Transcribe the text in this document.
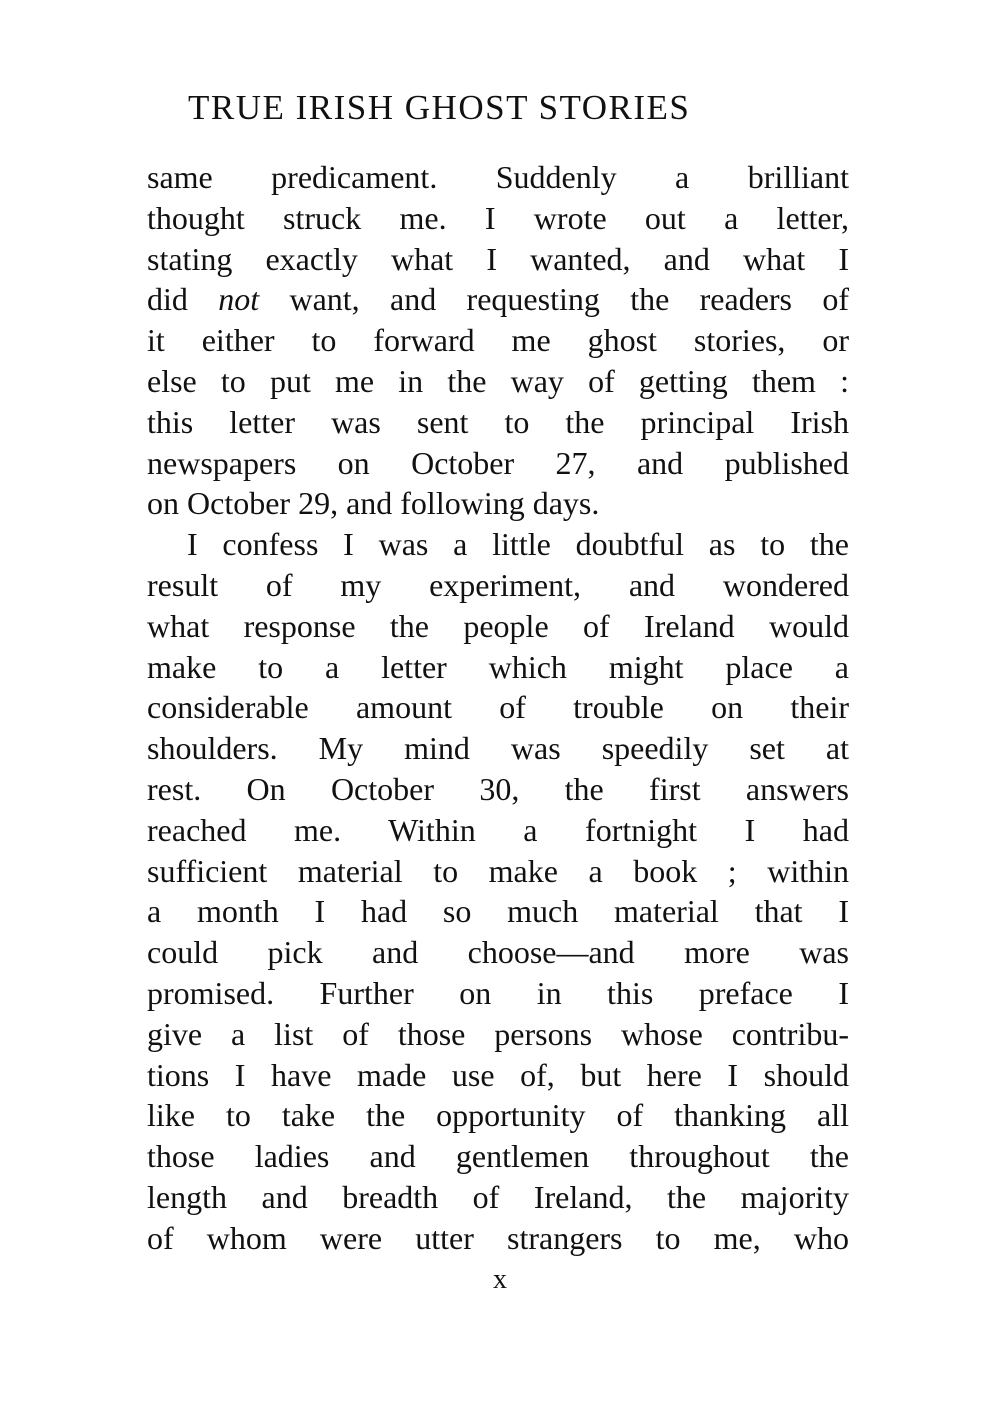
TRUE IRISH GHOST STORIES
same predicament. Suddenly a brilliant
thought struck me. I wrote out a letter,
stating exactly what I wanted, and what I
did not want, and requesting the readers of
it either to forward me ghost stories, or
else to put me in the way of getting them :
this letter was sent to the principal Irish
newspapers on October 27, and published
on October 29, and following days.
I confess I was a little doubtful as to the
result of my experiment, and wondered
what response the people of Ireland would
make to a letter which might place a
considerable amount of trouble on their
shoulders. My mind was speedily set at
rest. On October 30, the first answers
reached me. Within a fortnight I had
sufficient material to make a book ; within
a month I had so much material that I
could pick and choose—and more was
promised. Further on in this preface I
give a list of those persons whose contribu-
tions I have made use of, but here I should
like to take the opportunity of thanking all
those ladies and gentlemen throughout the
length and breadth of Ireland, the majority
of whom were utter strangers to me, who
x
